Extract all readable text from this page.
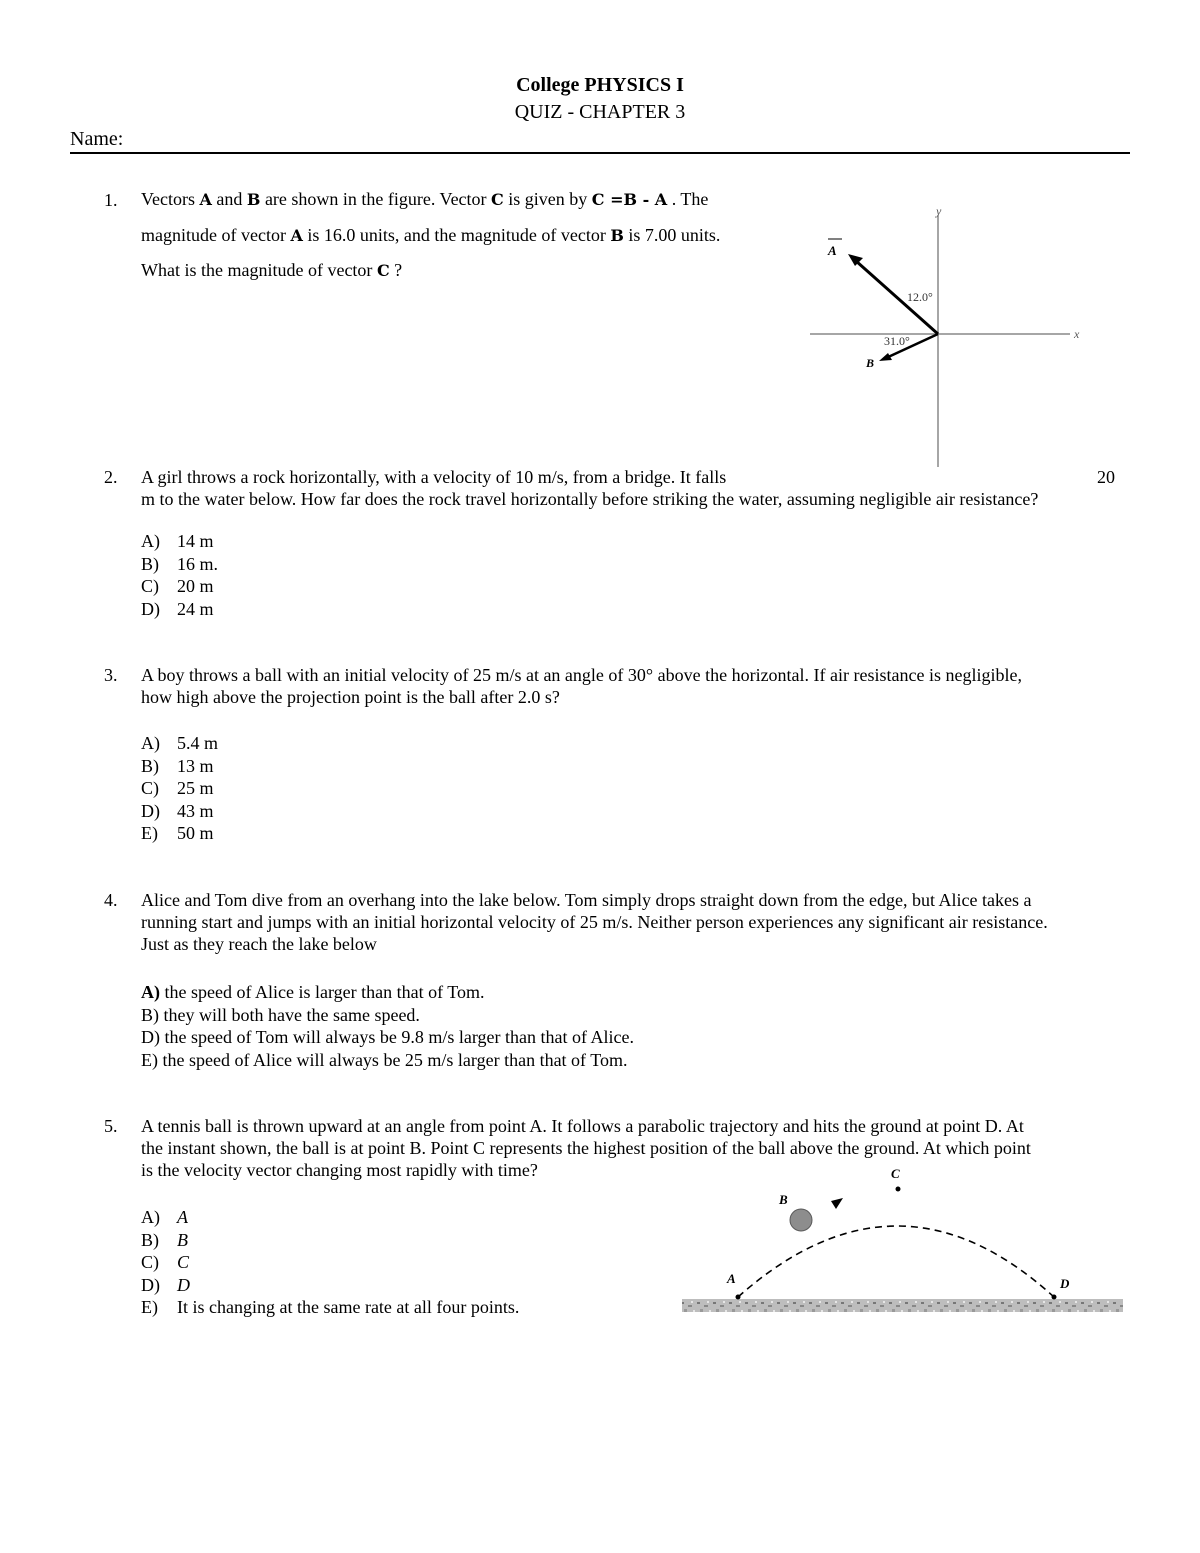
College PHYSICS I
QUIZ - CHAPTER 3
Name:
1. Vectors A and B are shown in the figure. Vector C is given by C =B - A . The
magnitude of vector A is 16.0 units, and the magnitude of vector B is 7.00 units.
What is the magnitude of vector C ?
y
x
A
B
12.0°
31.0°
2. A girl throws a rock horizontally, with a velocity of 10 m/s, from a bridge. It falls	20
m to the water below. How far does the rock travel horizontally before striking the water, assuming negligible air resistance?
A) 14 m
B) 16 m.
C) 20 m
D) 24 m
3. A boy throws a ball with an initial velocity of 25 m/s at an angle of 30° above the horizontal. If air resistance is negligible,
how high above the projection point is the ball after 2.0 s?
A) 5.4 m
B) 13 m
C) 25 m
D) 43 m
E) 50 m
4. Alice and Tom dive from an overhang into the lake below. Tom simply drops straight down from the edge, but Alice takes a
running start and jumps with an initial horizontal velocity of 25 m/s. Neither person experiences any significant air resistance.
Just as they reach the lake below
A) the speed of Alice is larger than that of Tom.
B) they will both have the same speed.
D) the speed of Tom will always be 9.8 m/s larger than that of Alice.
E) the speed of Alice will always be 25 m/s larger than that of Tom.
5. A tennis ball is thrown upward at an angle from point A. It follows a parabolic trajectory and hits the ground at point D. At
the instant shown, the ball is at point B. Point C represents the highest position of the ball above the ground. At which point
is the velocity vector changing most rapidly with time?
A) A
B) B
C) C
D) D
E) It is changing at the same rate at all four points.
A
B
C
D
